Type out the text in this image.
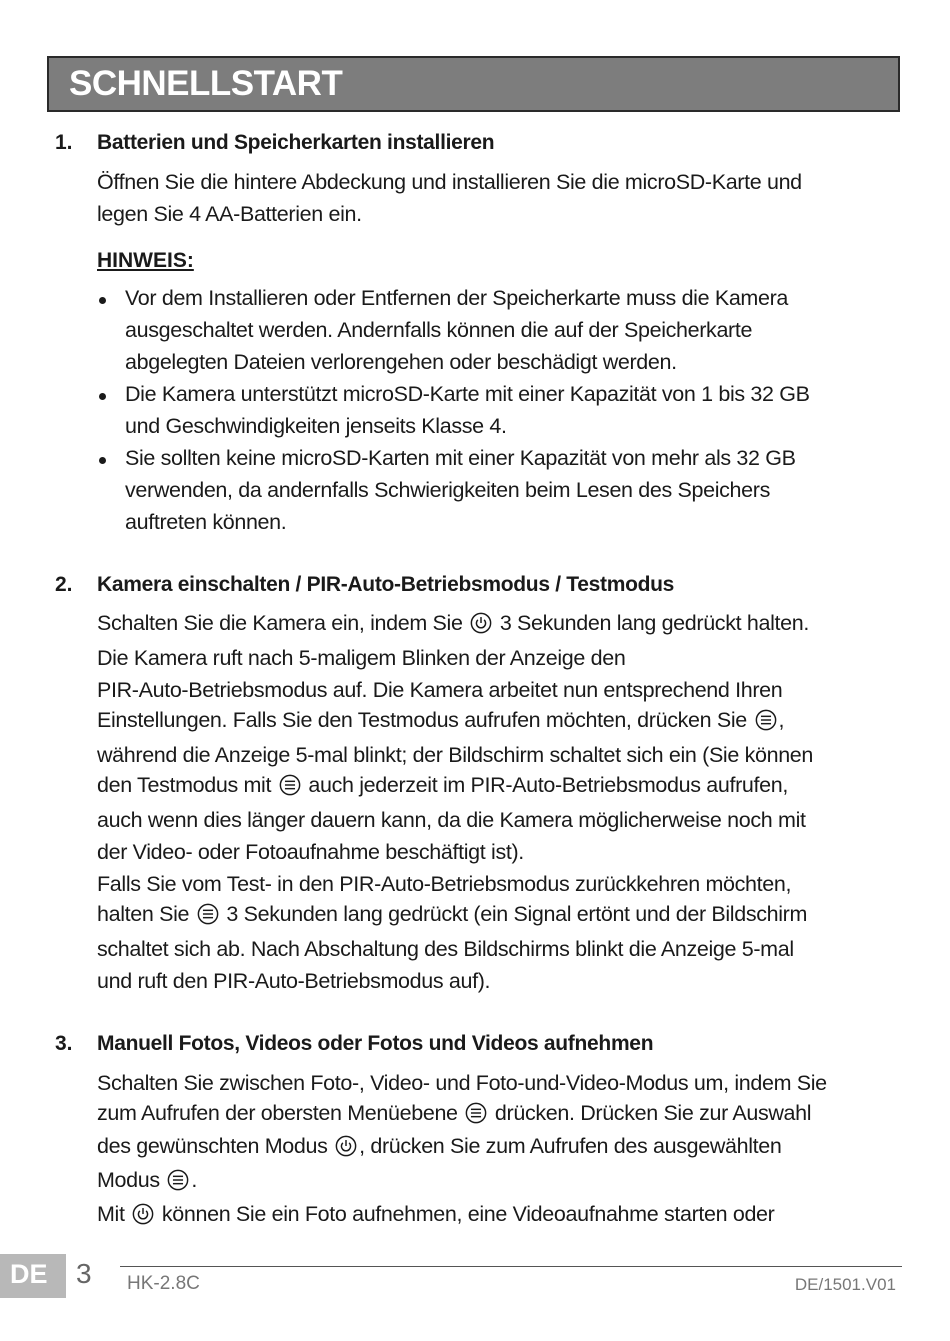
SCHNELLSTART
1. Batterien und Speicherkarten installieren
Öffnen Sie die hintere Abdeckung und installieren Sie die microSD-Karte und
legen Sie 4 AA-Batterien ein.
HINWEIS:
Vor dem Installieren oder Entfernen der Speicherkarte muss die Kamera
ausgeschaltet werden. Andernfalls können die auf der Speicherkarte
abgelegten Dateien verlorengehen oder beschädigt werden.
Die Kamera unterstützt microSD-Karte mit einer Kapazität von 1 bis 32 GB
und Geschwindigkeiten jenseits Klasse 4.
Sie sollten keine microSD-Karten mit einer Kapazität von mehr als 32 GB
verwenden, da andernfalls Schwierigkeiten beim Lesen des Speichers
auftreten können.
2. Kamera einschalten / PIR-Auto-Betriebsmodus / Testmodus
Schalten Sie die Kamera ein, indem Sie 3 Sekunden lang gedrückt halten.
Die Kamera ruft nach 5-maligem Blinken der Anzeige den
PIR-Auto-Betriebsmodus auf. Die Kamera arbeitet nun entsprechend Ihren
Einstellungen. Falls Sie den Testmodus aufrufen möchten, drücken Sie ,
während die Anzeige 5-mal blinkt; der Bildschirm schaltet sich ein (Sie können
den Testmodus mit auch jederzeit im PIR-Auto-Betriebsmodus aufrufen,
auch wenn dies länger dauern kann, da die Kamera möglicherweise noch mit
der Video- oder Fotoaufnahme beschäftigt ist).
Falls Sie vom Test- in den PIR-Auto-Betriebsmodus zurückkehren möchten,
halten Sie 3 Sekunden lang gedrückt (ein Signal ertönt und der Bildschirm
schaltet sich ab. Nach Abschaltung des Bildschirms blinkt die Anzeige 5-mal
und ruft den PIR-Auto-Betriebsmodus auf).
3. Manuell Fotos, Videos oder Fotos und Videos aufnehmen
Schalten Sie zwischen Foto-, Video- und Foto-und-Video-Modus um, indem Sie
zum Aufrufen der obersten Menüebene drücken. Drücken Sie zur Auswahl
des gewünschten Modus , drücken Sie zum Aufrufen des ausgewählten
Modus .
Mit können Sie ein Foto aufnehmen, eine Videoaufnahme starten oder
DE 3 HK-2.8C	DE/1501.V01
